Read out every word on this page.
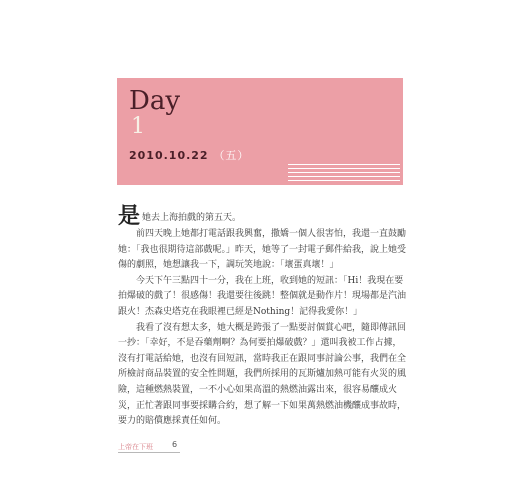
Day
1
2010.10.22 （五）

是她去上海拍戲的第五天。

前四天晚上她都打電話跟我興奮，撒嬌一個人很害怕，我還一直鼓勵她：「我也很期待這部戲呢。」昨天，她等了一封電子郵件給我，說上她受傷的劇照，她想讓我一下，調玩笑地說：「壞蛋真壞！」

今天下午三點四十一分，我在上班，收到她的短訊：「Hi！我現在要拍爆破的戲了！很感傷！我還要往後跳！整個就是動作片！現場都是汽油跟火！杰森史塔克在我眼裡已經是Nothing！記得我愛你！」

我看了沒有想太多，她大概是跨張了一點要討個賞心吧，隨即傳訊回一抄：「幸好，不是吞藥劑啊？為何要拍爆破戲？」還叫我被工作占據，沒有打電話給她，也沒有回短訊，當時我正在跟同事討論公事，我們在全所檢討商品裝置的安全性問題，我們所採用的瓦斯爐加熱可能有火災的風險，這種燃熱裝置，一不小心如果高溫的熱燃油露出來，很容易釀成火災，正忙著跟同事要採購合約，想了解一下如果萬熱燃油機釀成事故時，要力的賠償應採責任如何。

上帝在下班 6
